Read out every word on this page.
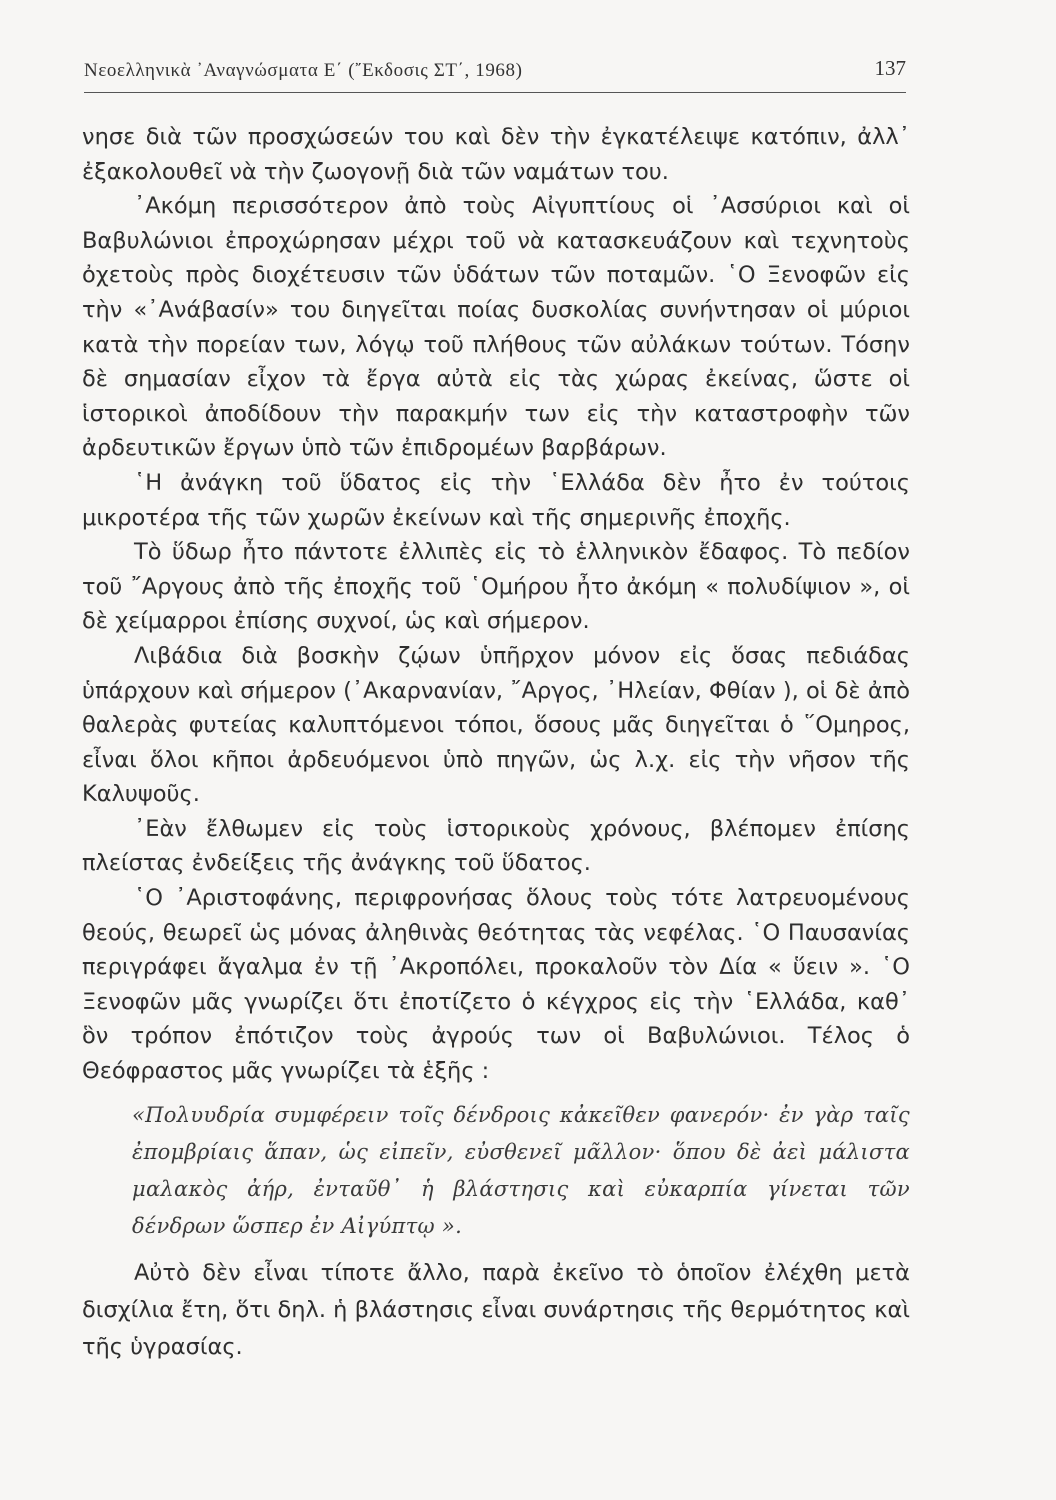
Νεοελληνικὰ ᾿Αναγνώσματα Ε΄ (῎Εκδοσις ΣΤ΄, 1968)	137

νησε διὰ τῶν προσχώσεών του καὶ δὲν τὴν ἐγκατέλειψε κατόπιν, ἀλλ᾿ ἐξακολουθεῖ νὰ τὴν ζωογονῇ διὰ τῶν ναμάτων του.

᾿Ακόμη περισσότερον ἀπὸ τοὺς Αἰγυπτίους οἱ ᾿Ασσύριοι καὶ οἱ Βαβυλώνιοι ἐπροχώρησαν μέχρι τοῦ νὰ κατασκευάζουν καὶ τεχνητοὺς ὀχετοὺς πρὸς διοχέτευσιν τῶν ὑδάτων τῶν ποταμῶν. ῾Ο Ξενοφῶν εἰς τὴν «᾿Ανάβασίν» του διηγεῖται ποίας δυσκολίας συνήντησαν οἱ μύριοι κατὰ τὴν πορείαν των, λόγῳ τοῦ πλήθους τῶν αὐλάκων τούτων. Τόσην δὲ σημασίαν εἶχον τὰ ἔργα αὐτὰ εἰς τὰς χώρας ἐκείνας, ὥστε οἱ ἱστορικοὶ ἀποδίδουν τὴν παρακμήν των εἰς τὴν καταστροφὴν τῶν ἀρδευτικῶν ἔργων ὑπὸ τῶν ἐπιδρομέων βαρβάρων.

῾Η ἀνάγκη τοῦ ὕδατος εἰς τὴν ῾Ελλάδα δὲν ἦτο ἐν τούτοις μικροτέρα τῆς τῶν χωρῶν ἐκείνων καὶ τῆς σημερινῆς ἐποχῆς.

Τὸ ὕδωρ ἦτο πάντοτε ἐλλιπὲς εἰς τὸ ἑλληνικὸν ἔδαφος. Τὸ πεδίον τοῦ ῎Αργους ἀπὸ τῆς ἐποχῆς τοῦ ῾Ομήρου ἦτο ἀκόμη « πολυδίψιον », οἱ δὲ χείμαρροι ἐπίσης συχνοί, ὡς καὶ σήμερον.

Λιβάδια διὰ βοσκὴν ζῴων ὑπῆρχον μόνον εἰς ὅσας πεδιάδας ὑπάρχουν καὶ σήμερον (᾿Ακαρνανίαν, ῎Αργος, ᾿Ηλείαν, Φθίαν ), οἱ δὲ ἀπὸ θαλερὰς φυτείας καλυπτόμενοι τόποι, ὅσους μᾶς διηγεῖται ὁ ῞Ομηρος, εἶναι ὅλοι κῆποι ἀρδευόμενοι ὑπὸ πηγῶν, ὡς λ.χ. εἰς τὴν νῆσον τῆς Καλυψοῦς.

᾿Εὰν ἔλθωμεν εἰς τοὺς ἱστορικοὺς χρόνους, βλέπομεν ἐπίσης πλείστας ἐνδείξεις τῆς ἀνάγκης τοῦ ὕδατος.

῾Ο ᾿Αριστοφάνης, περιφρονήσας ὅλους τοὺς τότε λατρευομένους θεούς, θεωρεῖ ὡς μόνας ἀληθινὰς θεότητας τὰς νεφέλας. ῾Ο Παυσανίας περιγράφει ἄγαλμα ἐν τῇ ᾿Ακροπόλει, προκαλοῦν τὸν Δία « ὕειν ». ῾Ο Ξενοφῶν μᾶς γνωρίζει ὅτι ἐποτίζετο ὁ κέγχρος εἰς τὴν ῾Ελλάδα, καθ᾿ ὃν τρόπον ἐπότιζον τοὺς ἀγρούς των οἱ Βαβυλώνιοι. Τέλος ὁ Θεόφραστος μᾶς γνωρίζει τὰ ἑξῆς :

«Πολυυδρία συμφέρειν τοῖς δένδροις κἀκεῖθεν φανερόν· ἐν γὰρ ταῖς ἐπομβρίαις ἅπαν, ὡς εἰπεῖν, εὐσθενεῖ μᾶλλον· ὅπου δὲ ἀεὶ μάλιστα μαλακὸς ἀήρ, ἐνταῦθ᾿ ἡ βλάστησις καὶ εὐκαρπία γίνεται τῶν δένδρων ὥσπερ ἐν Αἰγύπτῳ ».

Αὐτὸ δὲν εἶναι τίποτε ἄλλο, παρὰ ἐκεῖνο τὸ ὁποῖον ἐλέχθη μετὰ δισχίλια ἔτη, ὅτι δηλ. ἡ βλάστησις εἶναι συνάρτησις τῆς θερμότητος καὶ τῆς ὑγρασίας.
